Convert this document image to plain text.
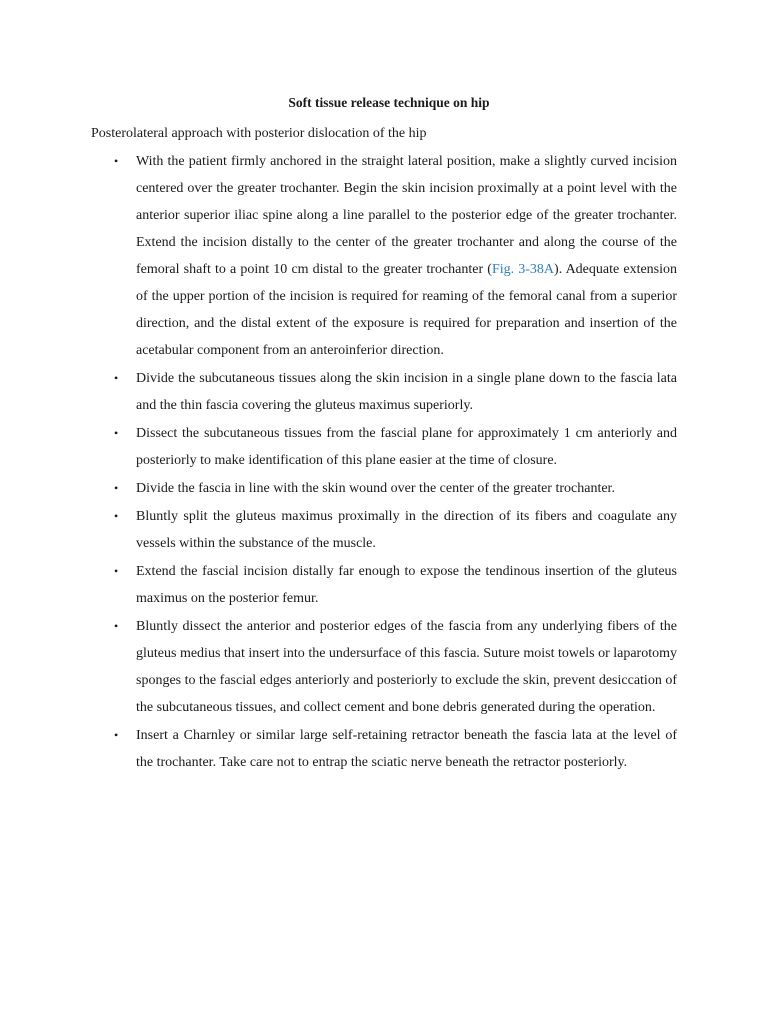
Soft tissue release technique on hip

Posterolateral approach with posterior dislocation of the hip

• With the patient firmly anchored in the straight lateral position, make a slightly curved incision centered over the greater trochanter. Begin the skin incision proximally at a point level with the anterior superior iliac spine along a line parallel to the posterior edge of the greater trochanter. Extend the incision distally to the center of the greater trochanter and along the course of the femoral shaft to a point 10 cm distal to the greater trochanter (Fig. 3-38A). Adequate extension of the upper portion of the incision is required for reaming of the femoral canal from a superior direction, and the distal extent of the exposure is required for preparation and insertion of the acetabular component from an anteroinferior direction.
• Divide the subcutaneous tissues along the skin incision in a single plane down to the fascia lata and the thin fascia covering the gluteus maximus superiorly.
• Dissect the subcutaneous tissues from the fascial plane for approximately 1 cm anteriorly and posteriorly to make identification of this plane easier at the time of closure.
• Divide the fascia in line with the skin wound over the center of the greater trochanter.
• Bluntly split the gluteus maximus proximally in the direction of its fibers and coagulate any vessels within the substance of the muscle.
• Extend the fascial incision distally far enough to expose the tendinous insertion of the gluteus maximus on the posterior femur.
• Bluntly dissect the anterior and posterior edges of the fascia from any underlying fibers of the gluteus medius that insert into the undersurface of this fascia. Suture moist towels or laparotomy sponges to the fascial edges anteriorly and posteriorly to exclude the skin, prevent desiccation of the subcutaneous tissues, and collect cement and bone debris generated during the operation.
• Insert a Charnley or similar large self-retaining retractor beneath the fascia lata at the level of the trochanter. Take care not to entrap the sciatic nerve beneath the retractor posteriorly.
